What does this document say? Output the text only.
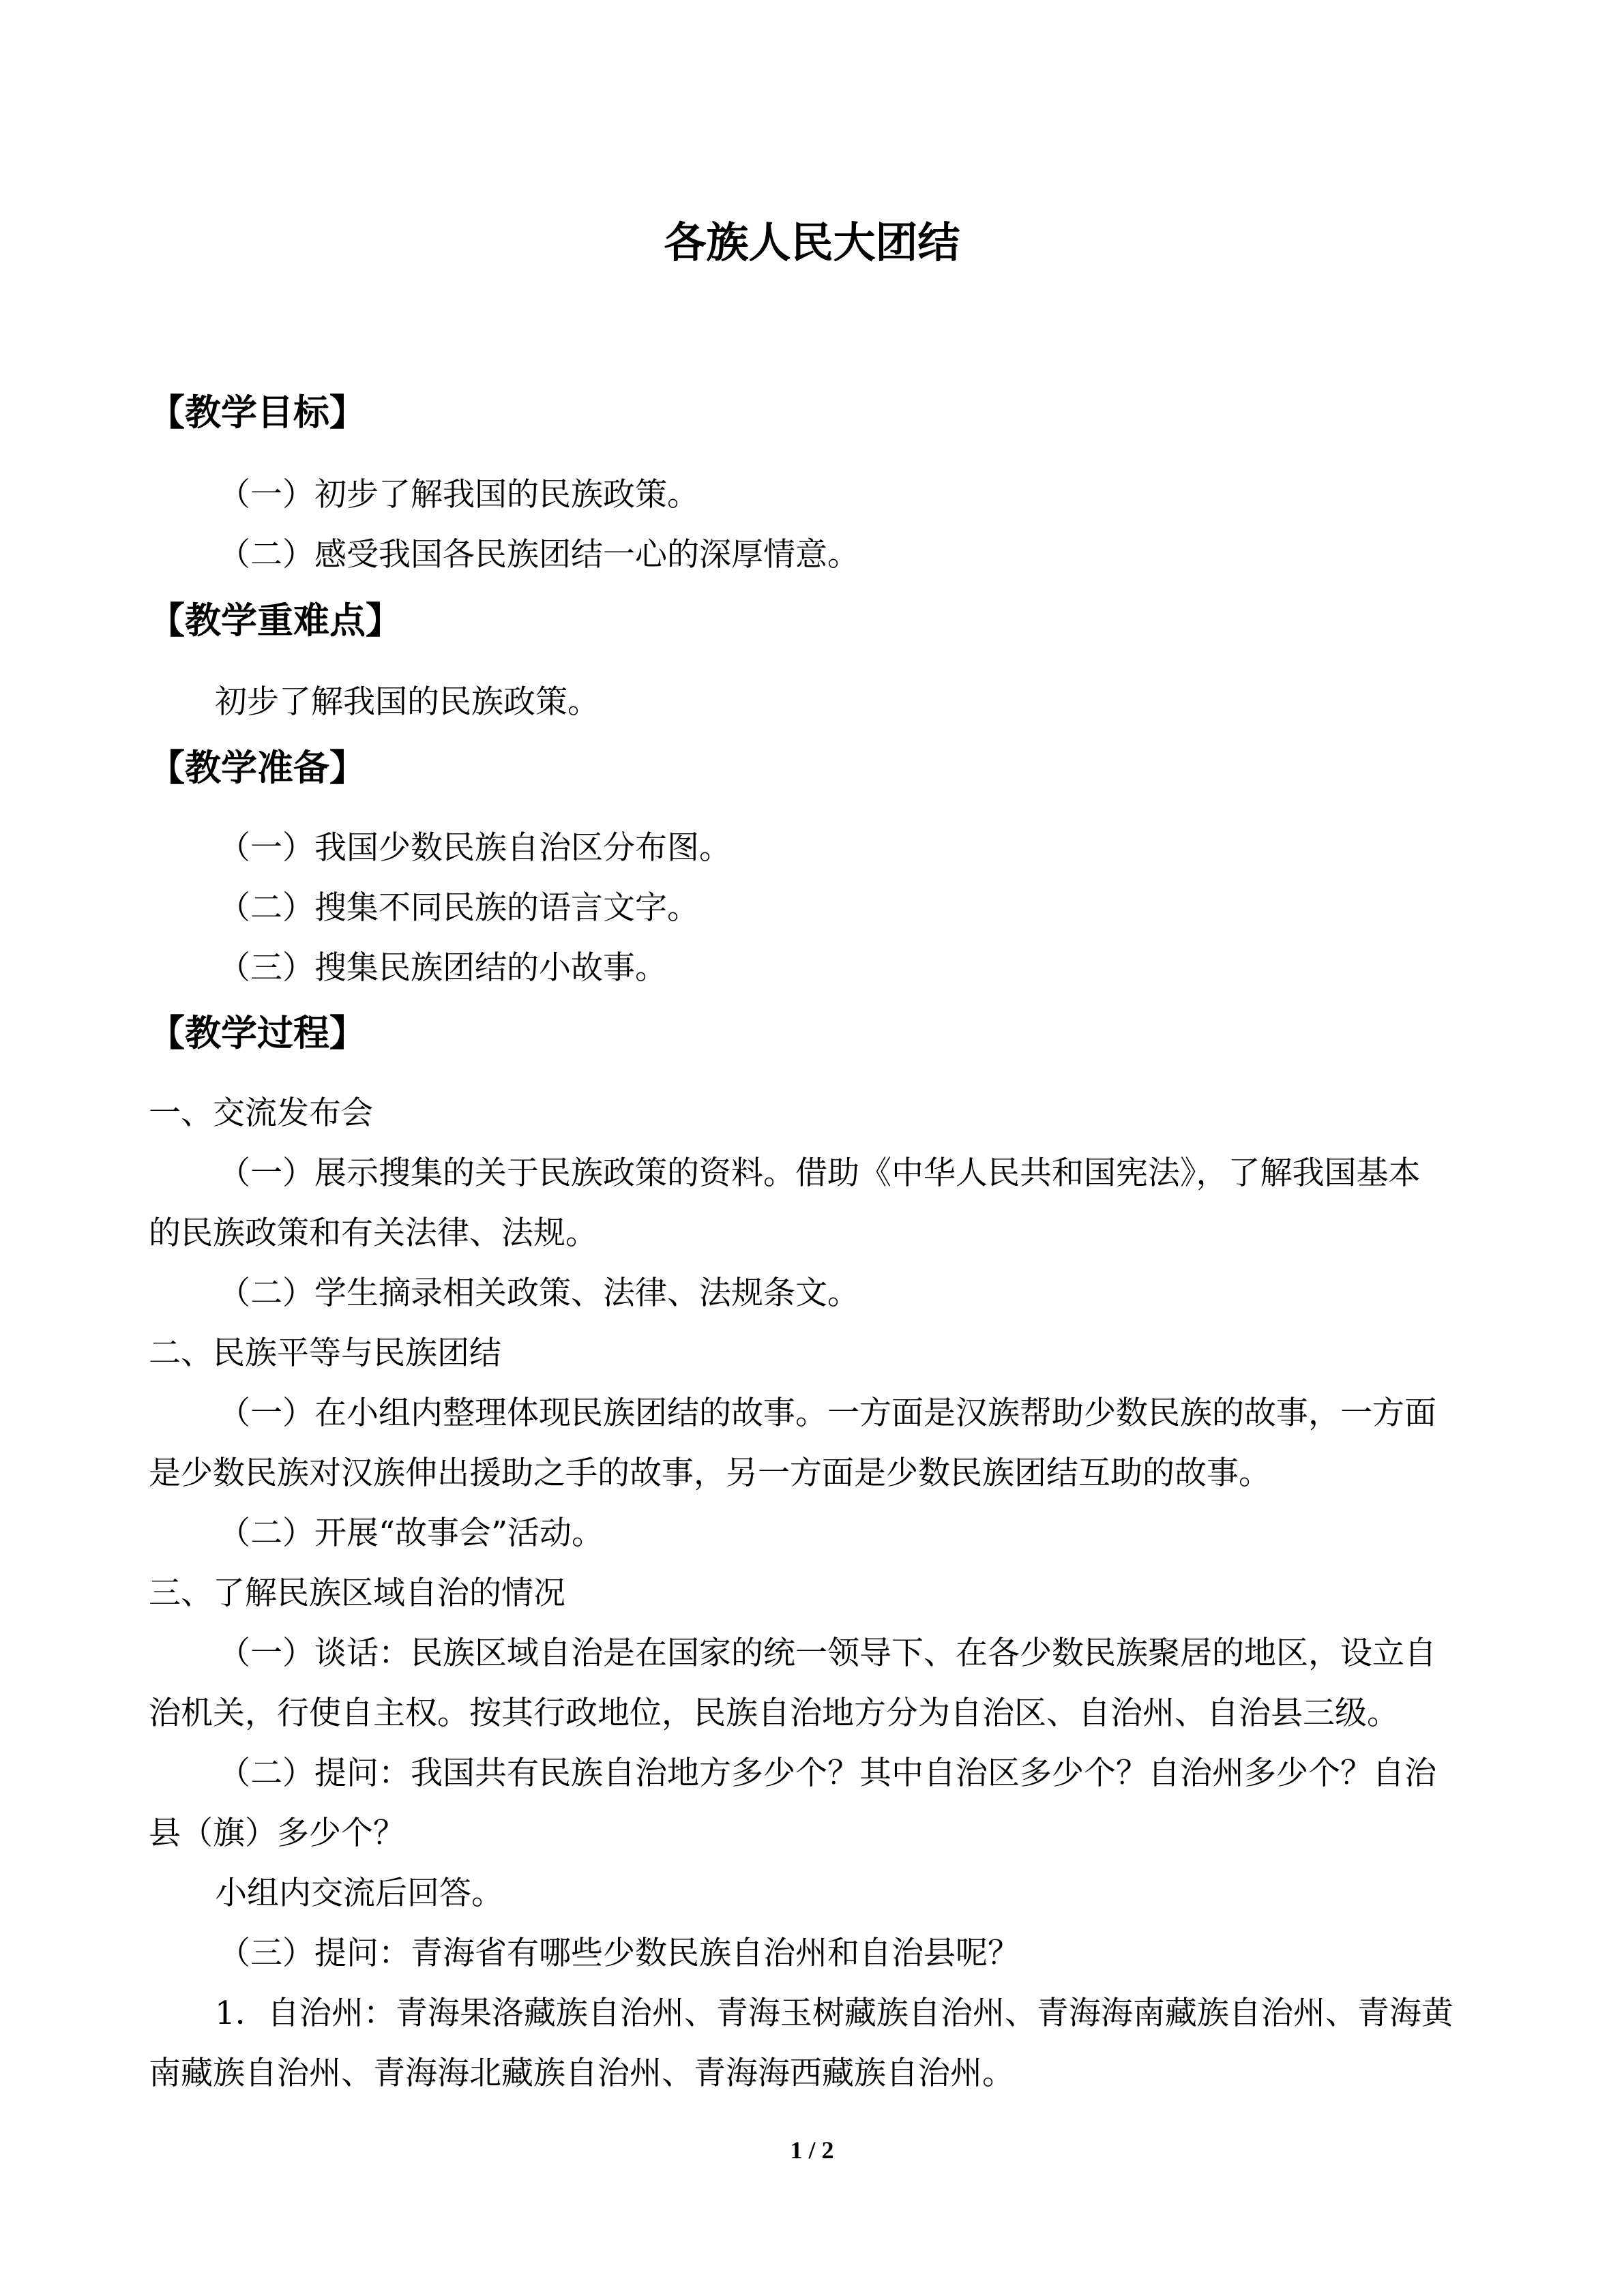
各族人民大团结
【教学目标】
（一）初步了解我国的民族政策。
（二）感受我国各民族团结一心的深厚情意。
【教学重难点】
初步了解我国的民族政策。
【教学准备】
（一）我国少数民族自治区分布图。
（二）搜集不同民族的语言文字。
（三）搜集民族团结的小故事。
【教学过程】
一、交流发布会
（一）展示搜集的关于民族政策的资料。借助《中华人民共和国宪法》，了解我国基本
的民族政策和有关法律、法规。
（二）学生摘录相关政策、法律、法规条文。
二、民族平等与民族团结
（一）在小组内整理体现民族团结的故事。一方面是汉族帮助少数民族的故事，一方面
是少数民族对汉族伸出援助之手的故事，另一方面是少数民族团结互助的故事。
（二）开展“故事会”活动。
三、了解民族区域自治的情况
（一）谈话：民族区域自治是在国家的统一领导下、在各少数民族聚居的地区，设立自
治机关，行使自主权。按其行政地位，民族自治地方分为自治区、自治州、自治县三级。
（二）提问：我国共有民族自治地方多少个？其中自治区多少个？自治州多少个？自治
县（旗）多少个？
小组内交流后回答。
（三）提问：青海省有哪些少数民族自治州和自治县呢？
1．自治州：青海果洛藏族自治州、青海玉树藏族自治州、青海海南藏族自治州、青海黄
南藏族自治州、青海海北藏族自治州、青海海西藏族自治州。
1 / 2
